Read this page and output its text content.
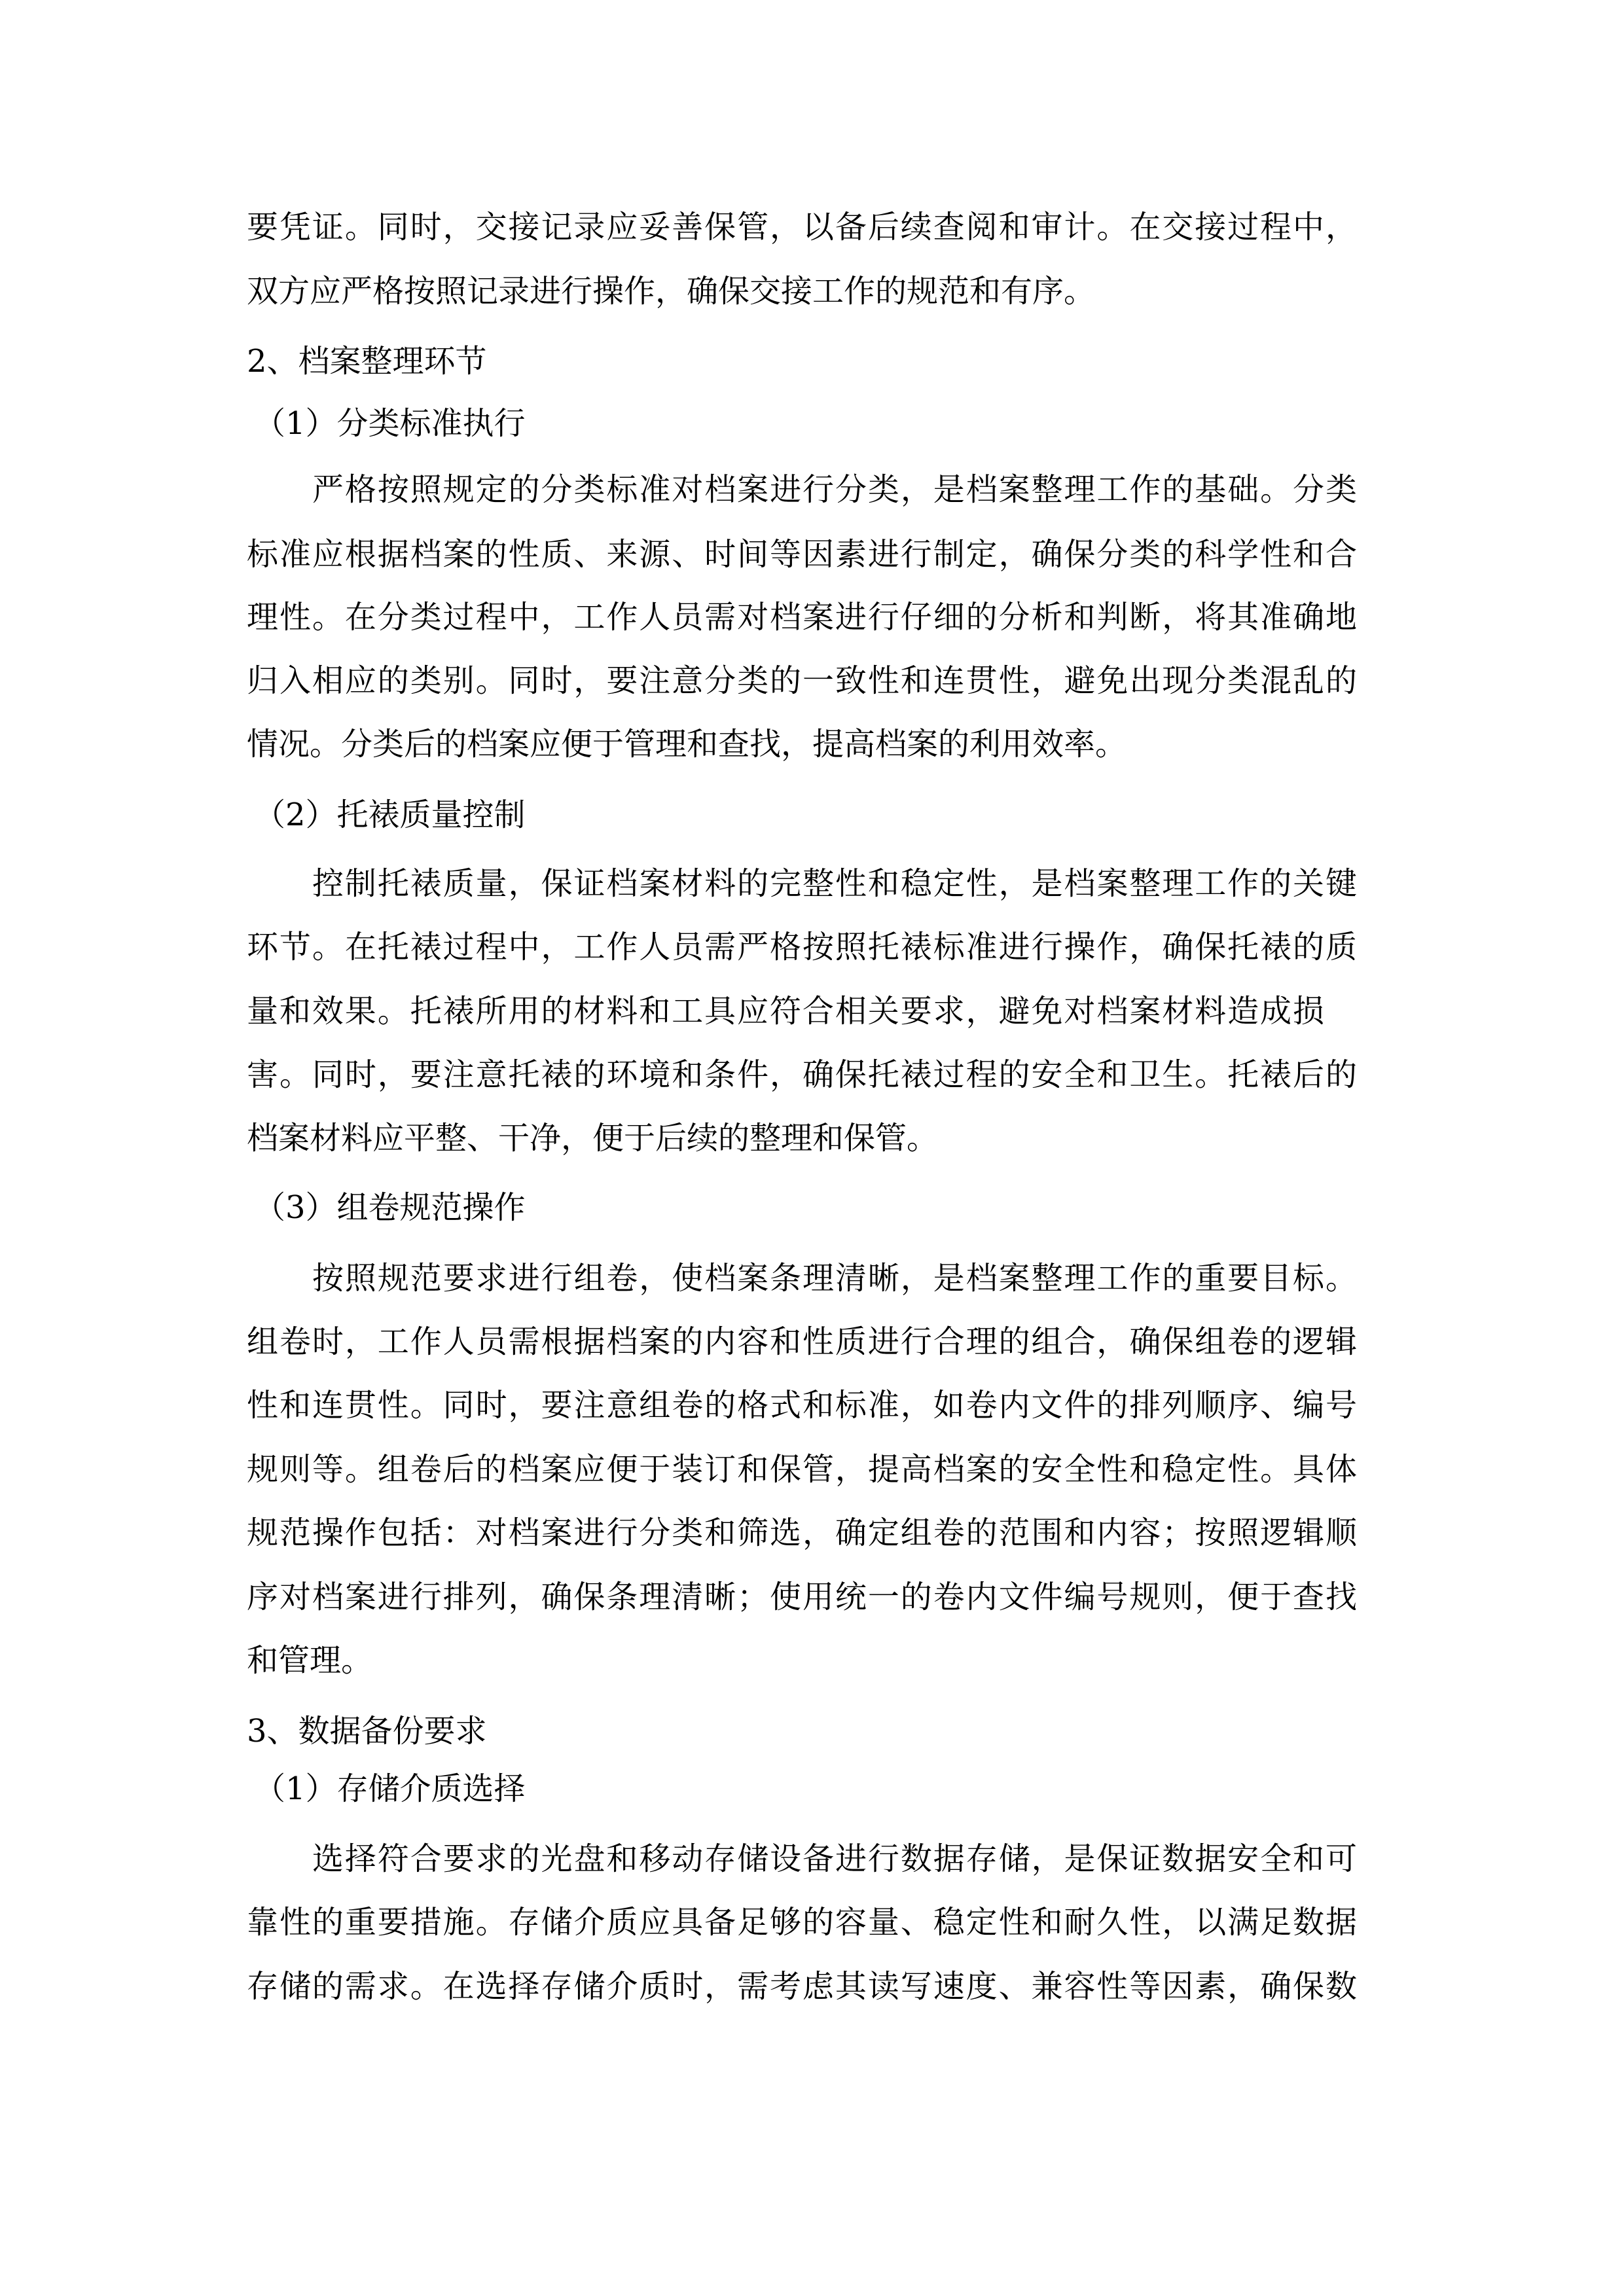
要凭证。同时，交接记录应妥善保管，以备后续查阅和审计。在交接过程中，
双方应严格按照记录进行操作，确保交接工作的规范和有序。
2、档案整理环节
（1）分类标准执行
严格按照规定的分类标准对档案进行分类，是档案整理工作的基础。分类
标准应根据档案的性质、来源、时间等因素进行制定，确保分类的科学性和合
理性。在分类过程中，工作人员需对档案进行仔细的分析和判断，将其准确地
归入相应的类别。同时，要注意分类的一致性和连贯性，避免出现分类混乱的
情况。分类后的档案应便于管理和查找，提高档案的利用效率。
（2）托裱质量控制
控制托裱质量，保证档案材料的完整性和稳定性，是档案整理工作的关键
环节。在托裱过程中，工作人员需严格按照托裱标准进行操作，确保托裱的质
量和效果。托裱所用的材料和工具应符合相关要求，避免对档案材料造成损
害。同时，要注意托裱的环境和条件，确保托裱过程的安全和卫生。托裱后的
档案材料应平整、干净，便于后续的整理和保管。
（3）组卷规范操作
按照规范要求进行组卷，使档案条理清晰，是档案整理工作的重要目标。
组卷时，工作人员需根据档案的内容和性质进行合理的组合，确保组卷的逻辑
性和连贯性。同时，要注意组卷的格式和标准，如卷内文件的排列顺序、编号
规则等。组卷后的档案应便于装订和保管，提高档案的安全性和稳定性。具体
规范操作包括：对档案进行分类和筛选，确定组卷的范围和内容；按照逻辑顺
序对档案进行排列，确保条理清晰；使用统一的卷内文件编号规则，便于查找
和管理。
3、数据备份要求
（1）存储介质选择
选择符合要求的光盘和移动存储设备进行数据存储，是保证数据安全和可
靠性的重要措施。存储介质应具备足够的容量、稳定性和耐久性，以满足数据
存储的需求。在选择存储介质时，需考虑其读写速度、兼容性等因素，确保数
